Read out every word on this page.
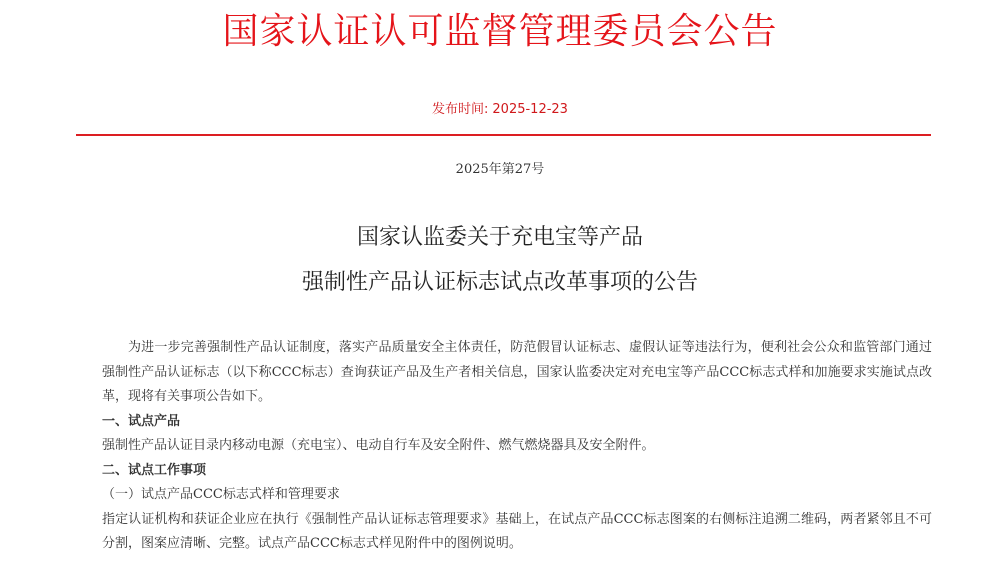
国家认证认可监督管理委员会公告
发布时间: 2025-12-23
2025年第27号
国家认监委关于充电宝等产品
强制性产品认证标志试点改革事项的公告

为进一步完善强制性产品认证制度，落实产品质量安全主体责任，防范假冒认证标志、虚假认证等违法行为，便利社会公众和监管部门通过强制性产品认证标志（以下称CCC标志）查询获证产品及生产者相关信息，国家认监委决定对充电宝等产品CCC标志式样和加施要求实施试点改革，现将有关事项公告如下。

一、试点产品

强制性产品认证目录内移动电源（充电宝）、电动自行车及安全附件、燃气燃烧器具及安全附件。

二、试点工作事项

（一）试点产品CCC标志式样和管理要求

指定认证机构和获证企业应在执行《强制性产品认证标志管理要求》基础上，在试点产品CCC标志图案的右侧标注追溯二维码，两者紧邻且不可分割，图案应清晰、完整。试点产品CCC标志式样见附件中的图例说明。
